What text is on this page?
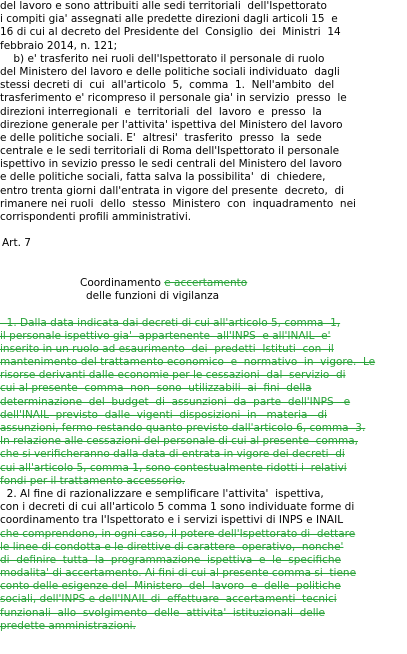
del lavoro e sono attribuiti alle sedi territoriali  dell'Ispettorato
i compiti gia' assegnati alle predette direzioni dagli articoli 15  e
16 di cui al decreto del Presidente del  Consiglio  dei  Ministri  14
febbraio 2014, n. 121;
b) e' trasferito nei ruoli dell'Ispettorato il personale di ruolo
del Ministero del lavoro e delle politiche sociali individuato  dagli
stessi decreti di  cui  all'articolo  5,  comma  1.  Nell'ambito  del
trasferimento e' ricompreso il personale gia' in servizio  presso  le
direzioni interregionali  e  territoriali  del  lavoro  e  presso  la
direzione generale per l'attivita' ispettiva del Ministero del lavoro
e delle politiche sociali. E'  altresi'  trasferito  presso  la  sede
centrale e le sedi territoriali di Roma dell'Ispettorato il personale
ispettivo in sevizio presso le sedi centrali del Ministero del lavoro
e delle politiche sociali, fatta salva la possibilita'  di  chiedere,
entro trenta giorni dall'entrata in vigore del presente  decreto,  di
rimanere nei ruoli  dello  stesso  Ministero  con  inquadramento  nei
corrispondenti profili amministrativi.
Art. 7
Coordinamento e accertamento
delle funzioni di vigilanza
1. Dalla data indicata dai decreti di cui all'articolo 5, comma  1,
il personale ispettivo gia'  appartenente  all'INPS  e all'INAIL  e'
inserito in un ruolo ad esaurimento  dei  predetti  Istituti  con  il
mantenimento del trattamento economico  e  normativo  in  vigore.  Le
risorse derivanti dalle economie per le cessazioni  dal  servizio  di
cui al presente  comma  non  sono  utilizzabili  ai  fini  della
determinazione  del  budget  di  assunzioni  da  parte  dell'INPS   e
dell'INAIL  previsto  dalle  vigenti  disposizioni  in   materia   di
assunzioni, fermo restando quanto previsto dall'articolo 6, comma  3.
In relazione alle cessazioni del personale di cui al presente  comma,
che si verificheranno dalla data di entrata in vigore dei decreti  di
cui all'articolo 5, comma 1, sono contestualmente ridotti i  relativi
fondi per il trattamento accessorio.
2. Al fine di razionalizzare e semplificare l'attivita'  ispettiva,
con i decreti di cui all'articolo 5 comma 1 sono individuate forme di
coordinamento tra l'Ispettorato e i servizi ispettivi di INPS e INAIL
che comprendono, in ogni caso, il potere dell'Ispettorato di  dettare
le linee di condotta e le direttive di carattere  operativo,  nonche'
di  definire  tutta  la  programmazione  ispettiva  e  le  specifiche
modalita' di accertamento. Ai fini di cui al presente comma si  tiene
conto delle esigenze del  Ministero  del  lavoro  e  delle  politiche
sociali, dell'INPS e dell'INAIL di  effettuare  accertamenti  tecnici
funzionali  allo  svolgimento  delle  attivita'  istituzionali  delle
predette amministrazioni.
